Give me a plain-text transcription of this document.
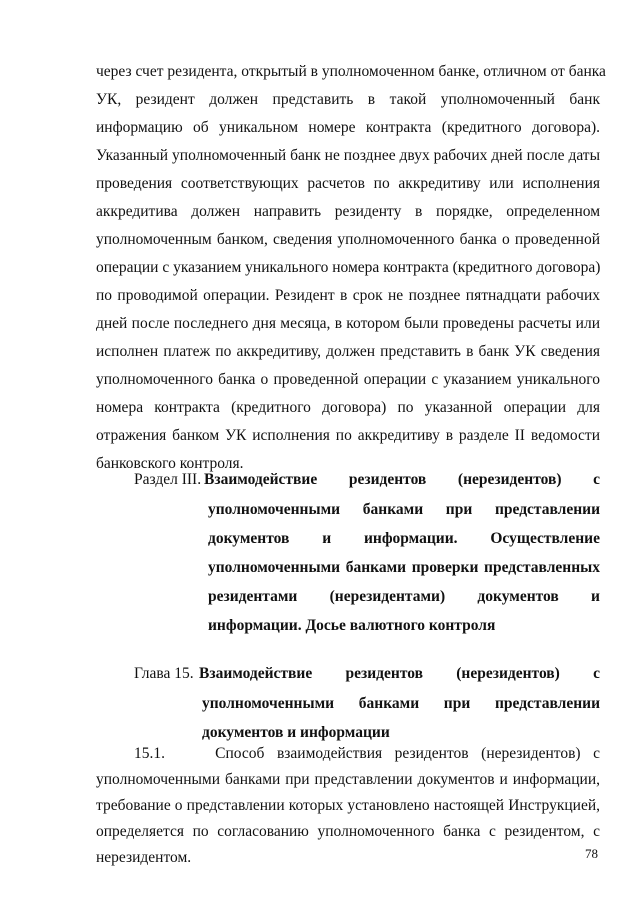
через счет резидента, открытый в уполномоченном банке, отличном от банка
УК, резидент должен представить в такой уполномоченный банк
информацию об уникальном номере контракта (кредитного договора).
Указанный уполномоченный банк не позднее двух рабочих дней после даты
проведения соответствующих расчетов по аккредитиву или исполнения
аккредитива должен направить резиденту в порядке, определенном
уполномоченным банком, сведения уполномоченного банка о проведенной
операции с указанием уникального номера контракта (кредитного договора)
по проводимой операции. Резидент в срок не позднее пятнадцати рабочих
дней после последнего дня месяца, в котором были проведены расчеты или
исполнен платеж по аккредитиву, должен представить в банк УК сведения
уполномоченного банка о проведенной операции с указанием уникального
номера контракта (кредитного договора) по указанной операции для
отражения банком УК исполнения по аккредитиву в разделе II ведомости
банковского контроля.
Раздел III. Взаимодействие резидентов (нерезидентов) с
уполномоченными банками при представлении
документов и информации. Осуществление
уполномоченными банками проверки представленных
резидентами (нерезидентами) документов и
информации. Досье валютного контроля
Глава 15. Взаимодействие резидентов (нерезидентов) с
уполномоченными банками при представлении
документов и информации
15.1.    Способ взаимодействия резидентов (нерезидентов) с
уполномоченными банками при представлении документов и информации,
требование о представлении которых установлено настоящей Инструкцией,
определяется по согласованию уполномоченного банка с резидентом, с
нерезидентом.	78
